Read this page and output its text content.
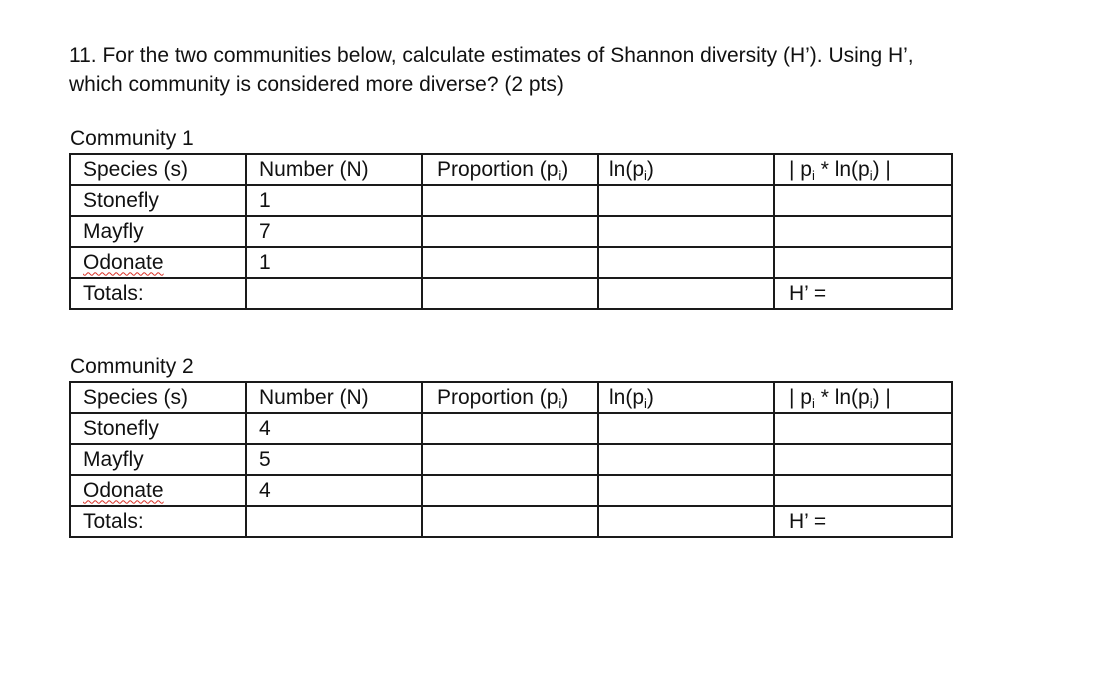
11. For the two communities below, calculate estimates of Shannon diversity (H’). Using H’,
which community is considered more diverse? (2 pts)
Community 1
Species (s)	Number (N)	Proportion (pi)	ln(pi)	| pi * ln(pi) |
Stonefly	1			
Mayfly	7			
Odonate	1			
Totals:				H’ =
Community 2
Species (s)	Number (N)	Proportion (pi)	ln(pi)	| pi * ln(pi) |
Stonefly	4			
Mayfly	5			
Odonate	4			
Totals:				H’ =
